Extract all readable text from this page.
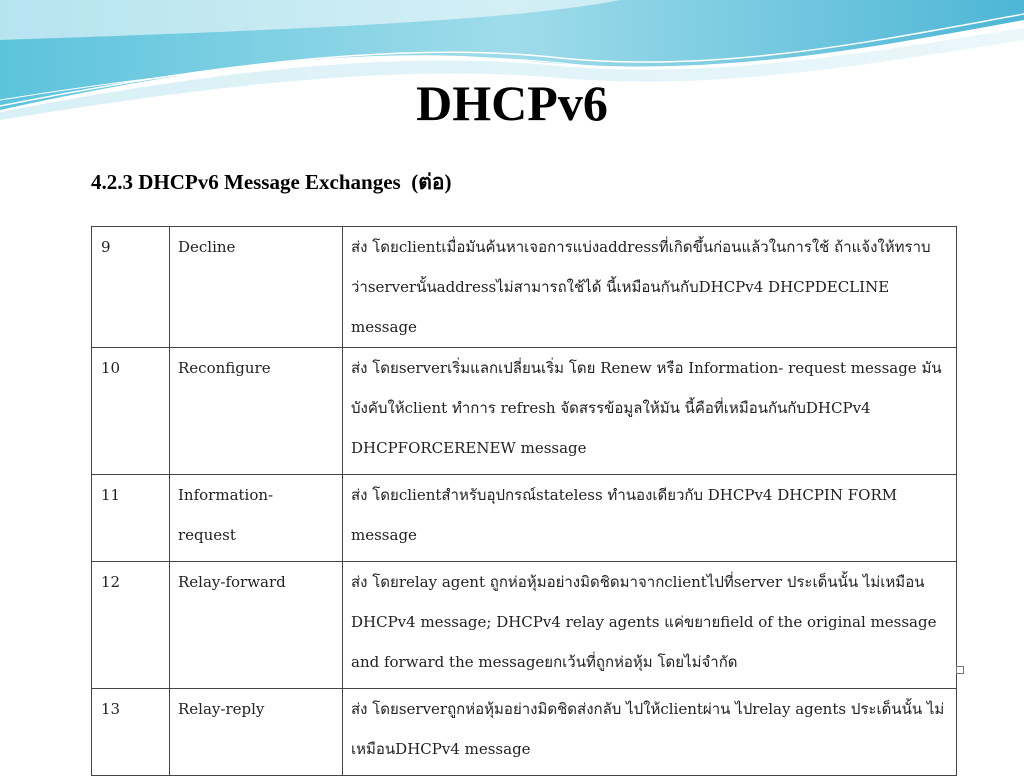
DHCPv6
4.2.3 DHCPv6 Message Exchanges  (ต่อ)
9	Decline	ส่ง โดยclientเมื่อมันค้นหาเจอการแบ่งaddressที่เกิดขึ้นก่อนแล้วในการใช้ ถ้าแจ้งให้ทราบว่าserverนั้นaddressไม่สามารถใช้ได้ นี้เหมือนกันกับDHCPv4 DHCPDECLINE message
10	Reconfigure	ส่ง โดยserverเริ่มแลกเปลี่ยนเริ่ม โดย Renew หรือ Information- request message มันบังคับให้client ทำการ refresh จัดสรรข้อมูลให้มัน นี้คือที่เหมือนกันกับDHCPv4 DHCPFORCERENEW message
11	Information- request	ส่ง โดยclientสำหรับอุปกรณ์stateless ทำนองเดียวกับ DHCPv4 DHCPIN FORM message
12	Relay-forward	ส่ง โดยrelay agent ถูกห่อหุ้มอย่างมิดชิดมาจากclientไปที่server ประเด็นนั้น ไม่เหมือน DHCPv4 message; DHCPv4 relay agents แค่ขยายfield of the original message and forward the messageยกเว้นที่ถูกห่อหุ้ม โดยไม่จำกัด
13	Relay-reply	ส่ง โดยserverถูกห่อหุ้มอย่างมิดชิดส่งกลับ ไปให้clientผ่าน ไปrelay agents ประเด็นนั้น ไม่เหมือนDHCPv4 message
